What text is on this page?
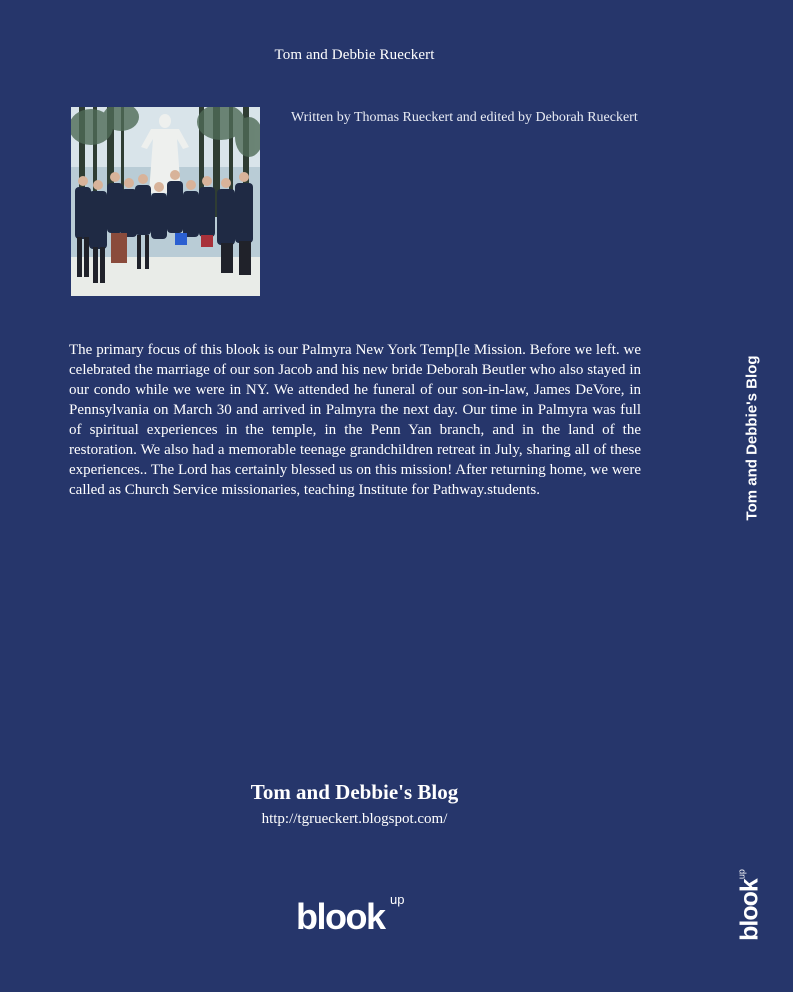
Tom and Debbie Rueckert
Written by Thomas Rueckert and edited by Deborah Rueckert
The primary focus of this blook is our Palmyra New York Temp[le Mission. Before we left. we celebrated the marriage of our son Jacob and his new bride Deborah Beutler who also stayed in our condo while we were in NY. We attended he funeral of our son-in-law, James DeVore, in Pennsylvania on March 30 and arrived in Palmyra the next day. Our time in Palmyra was full of spiritual experiences in the temple, in the Penn Yan branch, and in the land of the restoration. We also had a memorable teenage grandchildren retreat in July, sharing all of these experiences.. The Lord has certainly blessed us on this mission! After returning home, we were called as Church Service missionaries, teaching Institute for Pathway.students.
Tom and Debbie's Blog
http://tgrueckert.blogspot.com/
blook up
Tom and Debbie's Blog
blook$^{up}$
